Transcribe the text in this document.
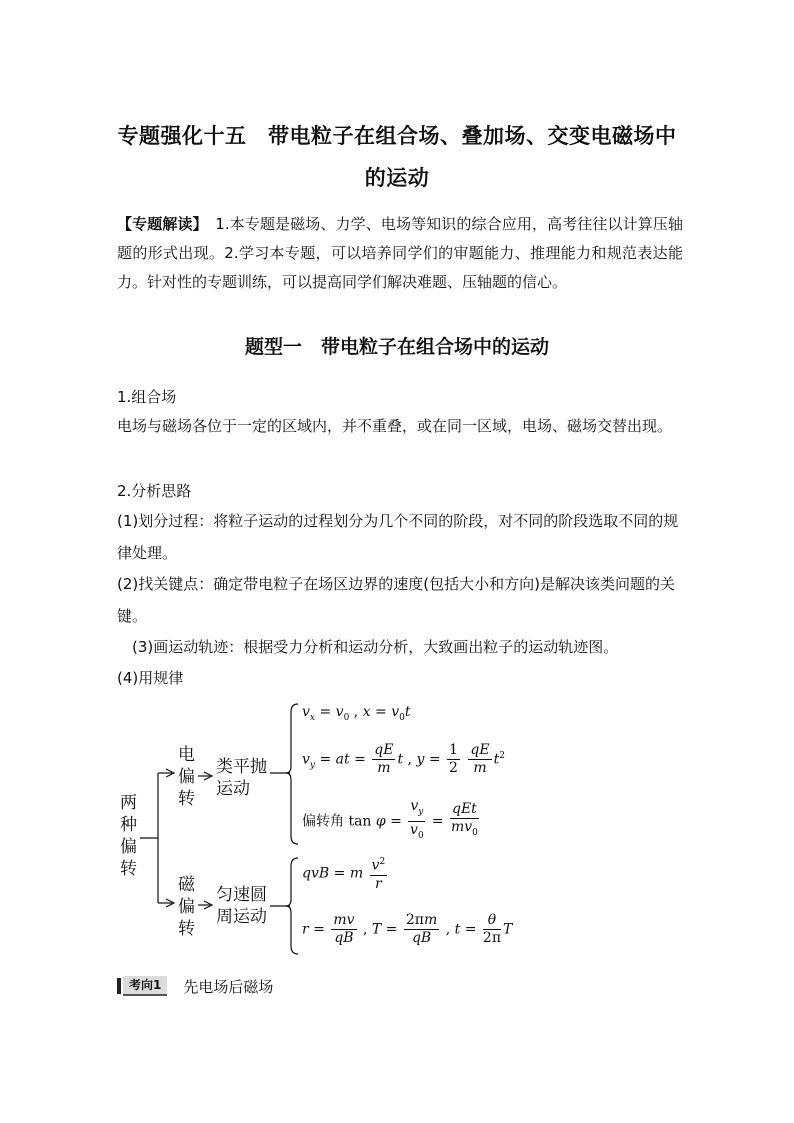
专题强化十五　带电粒子在组合场、叠加场、交变电磁场中
的运动
【专题解读】　1.本专题是磁场、力学、电场等知识的综合应用，高考往往以计算压轴题的形式出现。2.学习本专题，可以培养同学们的审题能力、推理能力和规范表达能力。针对性的专题训练，可以提高同学们解决难题、压轴题的信心。
题型一　带电粒子在组合场中的运动
1.组合场
电场与磁场各位于一定的区域内，并不重叠，或在同一区域，电场、磁场交替出现。
2.分析思路
(1)划分过程：将粒子运动的过程划分为几个不同的阶段，对不同的阶段选取不同的规律处理。
(2)找关键点：确定带电粒子在场区边界的速度(包括大小和方向)是解决该类问题的关键。
　(3)画运动轨迹：根据受力分析和运动分析，大致画出粒子的运动轨迹图。
(4)用规律
两
种
偏
转
电
偏
转
类平抛
运动
磁
偏
转
匀速圆
周运动
$v_x = v_0$ , $x = v_0t$
$v_y$ = at = $\frac{qE}{m}$ t , $y = \frac{1}{2}$
$\frac{qE}{m} t^2$
偏转角 $\tan \varphi = \frac{v_y}{v_0} = \frac{\text{qEt}}{mv_0}$
qvB = m $\frac{v^2}{r}$
$r = \frac{mv}{qB}$ , $T = \frac{2\pi m}{qB}$ , $t = \frac{\theta}{2\pi}$ T
考向1	先电场后磁场
